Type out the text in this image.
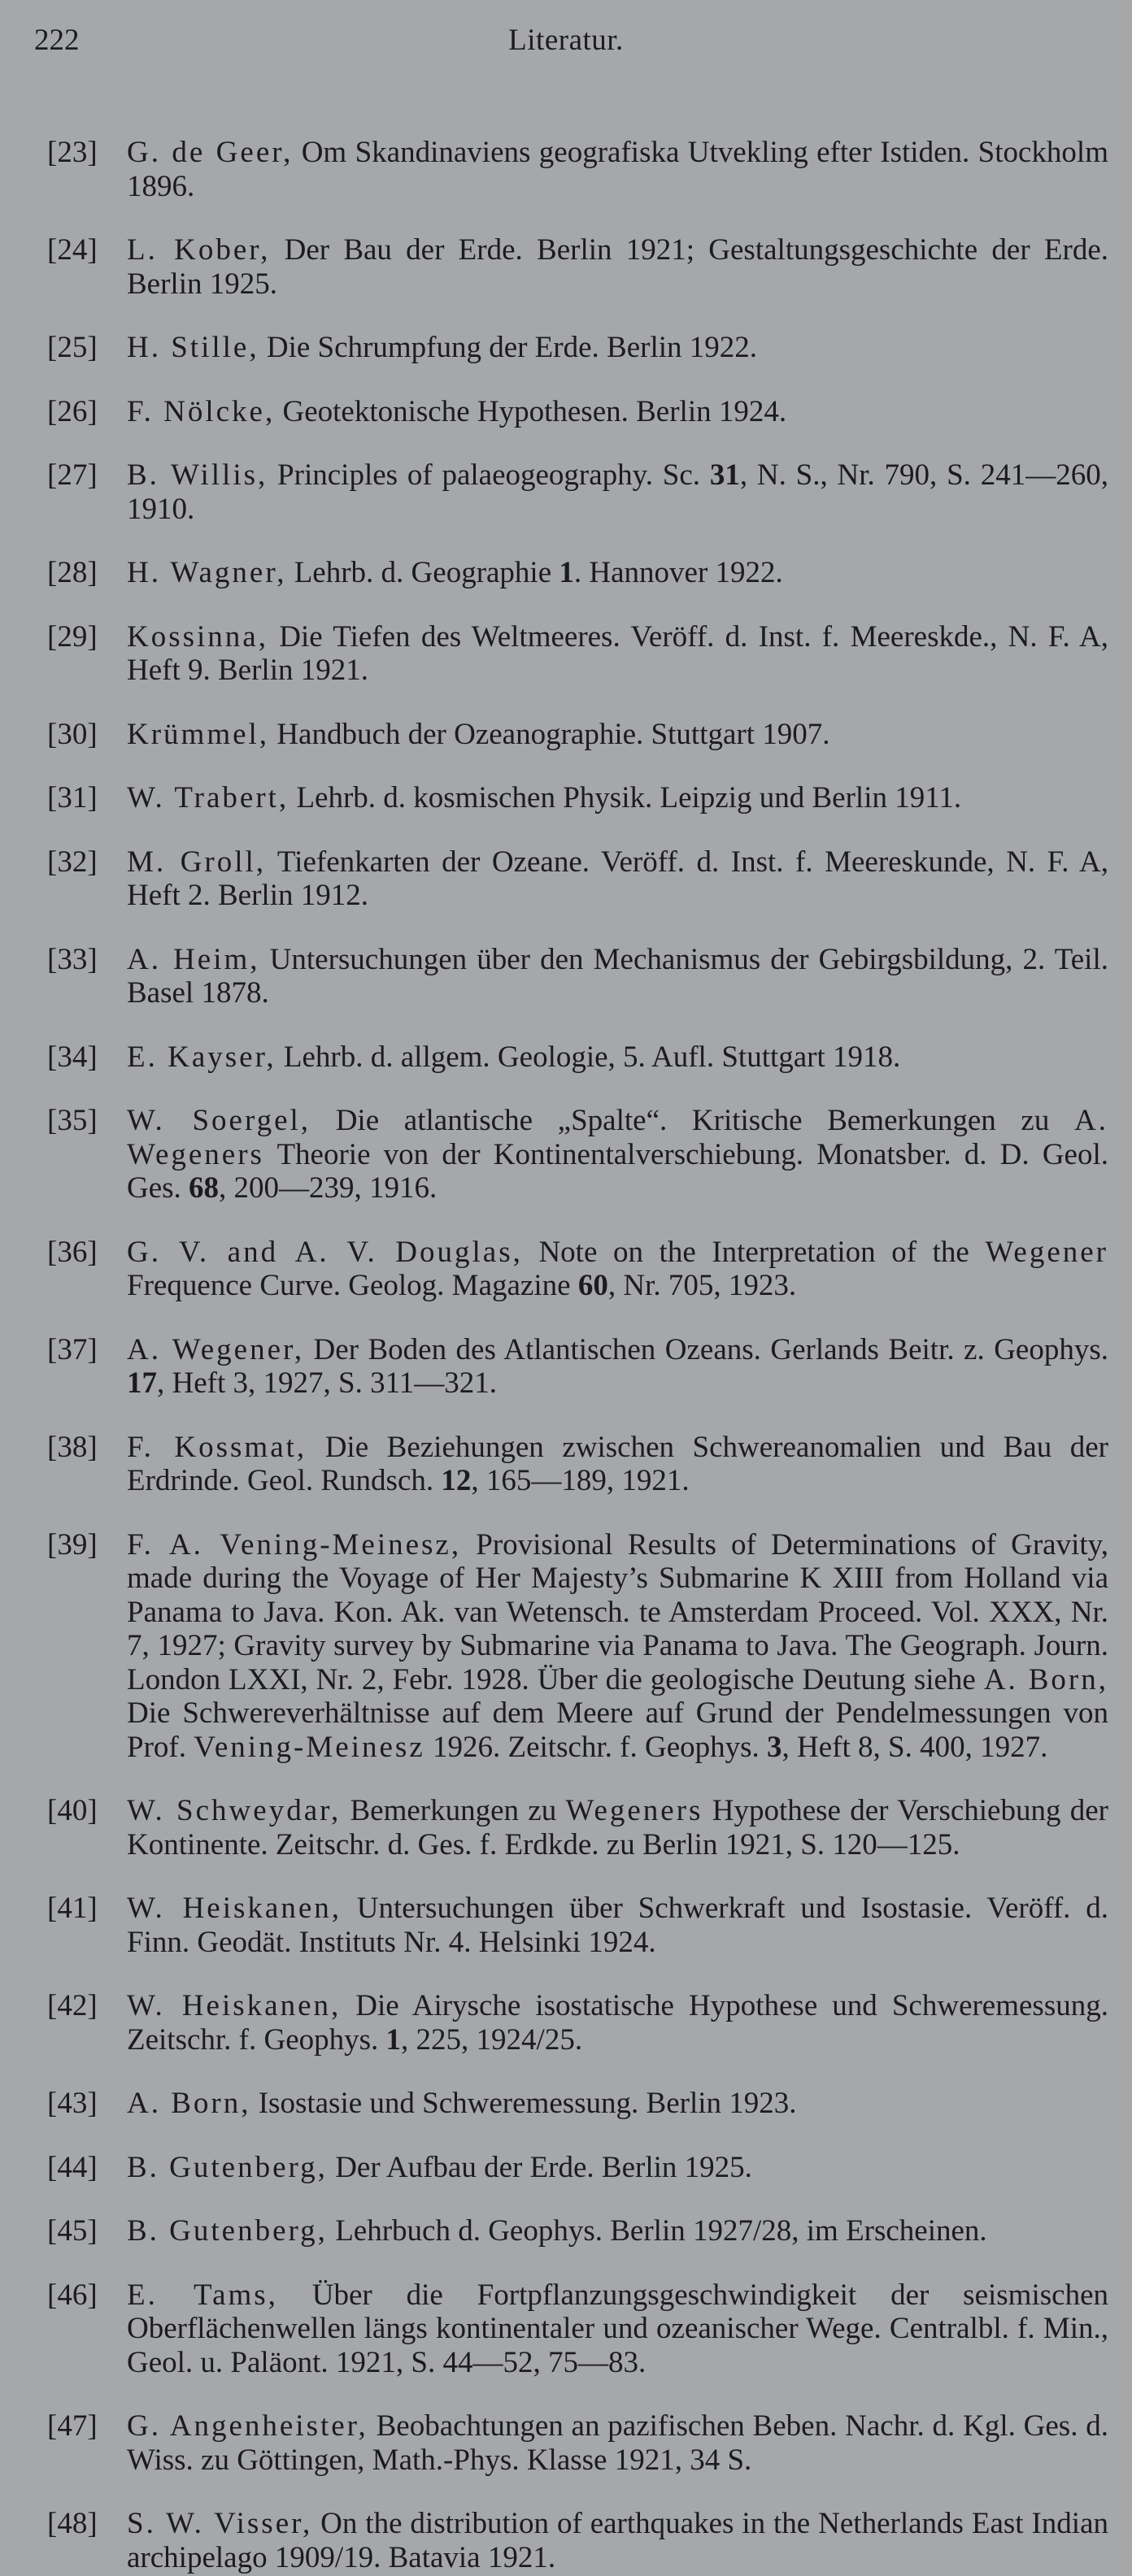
222	Literatur.

[23] G. de Geer, Om Skandinaviens geografiska Utvekling efter Istiden. Stockholm 1896.

[24] L. Kober, Der Bau der Erde. Berlin 1921; Gestaltungsgeschichte der Erde. Berlin 1925.

[25] H. Stille, Die Schrumpfung der Erde. Berlin 1922.

[26] F. Nölcke, Geotektonische Hypothesen. Berlin 1924.

[27] B. Willis, Principles of palaeogeography. Sc. 31, N. S., Nr. 790, S. 241—260, 1910.

[28] H. Wagner, Lehrb. d. Geographie 1. Hannover 1922.

[29] Kossinna, Die Tiefen des Weltmeeres. Veröff. d. Inst. f. Meereskde., N. F. A, Heft 9. Berlin 1921.

[30] Krümmel, Handbuch der Ozeanographie. Stuttgart 1907.

[31] W. Trabert, Lehrb. d. kosmischen Physik. Leipzig und Berlin 1911.

[32] M. Groll, Tiefenkarten der Ozeane. Veröff. d. Inst. f. Meereskunde, N. F. A, Heft 2. Berlin 1912.

[33] A. Heim, Untersuchungen über den Mechanismus der Gebirgsbildung, 2. Teil. Basel 1878.

[34] E. Kayser, Lehrb. d. allgem. Geologie, 5. Aufl. Stuttgart 1918.

[35] W. Soergel, Die atlantische „Spalte“. Kritische Bemerkungen zu A. Wegeners Theorie von der Kontinentalverschiebung. Monatsber. d. D. Geol. Ges. 68, 200—239, 1916.

[36] G. V. and A. V. Douglas, Note on the Interpretation of the Wegener Frequence Curve. Geolog. Magazine 60, Nr. 705, 1923.

[37] A. Wegener, Der Boden des Atlantischen Ozeans. Gerlands Beitr. z. Geophys. 17, Heft 3, 1927, S. 311—321.

[38] F. Kossmat, Die Beziehungen zwischen Schwereanomalien und Bau der Erdrinde. Geol. Rundsch. 12, 165—189, 1921.

[39] F. A. Vening-Meinesz, Provisional Results of Determinations of Gravity, made during the Voyage of Her Majesty’s Submarine K XIII from Holland via Panama to Java. Kon. Ak. van Wetensch. te Amsterdam Proceed. Vol. XXX, Nr. 7, 1927; Gravity survey by Submarine via Panama to Java. The Geograph. Journ. London LXXI, Nr. 2, Febr. 1928. Über die geologische Deutung siehe A. Born, Die Schwereverhältnisse auf dem Meere auf Grund der Pendelmessungen von Prof. Vening-Meinesz 1926. Zeitschr. f. Geophys. 3, Heft 8, S. 400, 1927.

[40] W. Schweydar, Bemerkungen zu Wegeners Hypothese der Verschiebung der Kontinente. Zeitschr. d. Ges. f. Erdkde. zu Berlin 1921, S. 120—125.

[41] W. Heiskanen, Untersuchungen über Schwerkraft und Isostasie. Veröff. d. Finn. Geodät. Instituts Nr. 4. Helsinki 1924.

[42] W. Heiskanen, Die Airysche isostatische Hypothese und Schweremessung. Zeitschr. f. Geophys. 1, 225, 1924/25.

[43] A. Born, Isostasie und Schweremessung. Berlin 1923.

[44] B. Gutenberg, Der Aufbau der Erde. Berlin 1925.

[45] B. Gutenberg, Lehrbuch d. Geophys. Berlin 1927/28, im Erscheinen.

[46] E. Tams, Über die Fortpflanzungsgeschwindigkeit der seismischen Oberflächenwellen längs kontinentaler und ozeanischer Wege. Centralbl. f. Min., Geol. u. Paläont. 1921, S. 44—52, 75—83.

[47] G. Angenheister, Beobachtungen an pazifischen Beben. Nachr. d. Kgl. Ges. d. Wiss. zu Göttingen, Math.-Phys. Klasse 1921, 34 S.

[48] S. W. Visser, On the distribution of earthquakes in the Netherlands East Indian archipelago 1909/19. Batavia 1921.
